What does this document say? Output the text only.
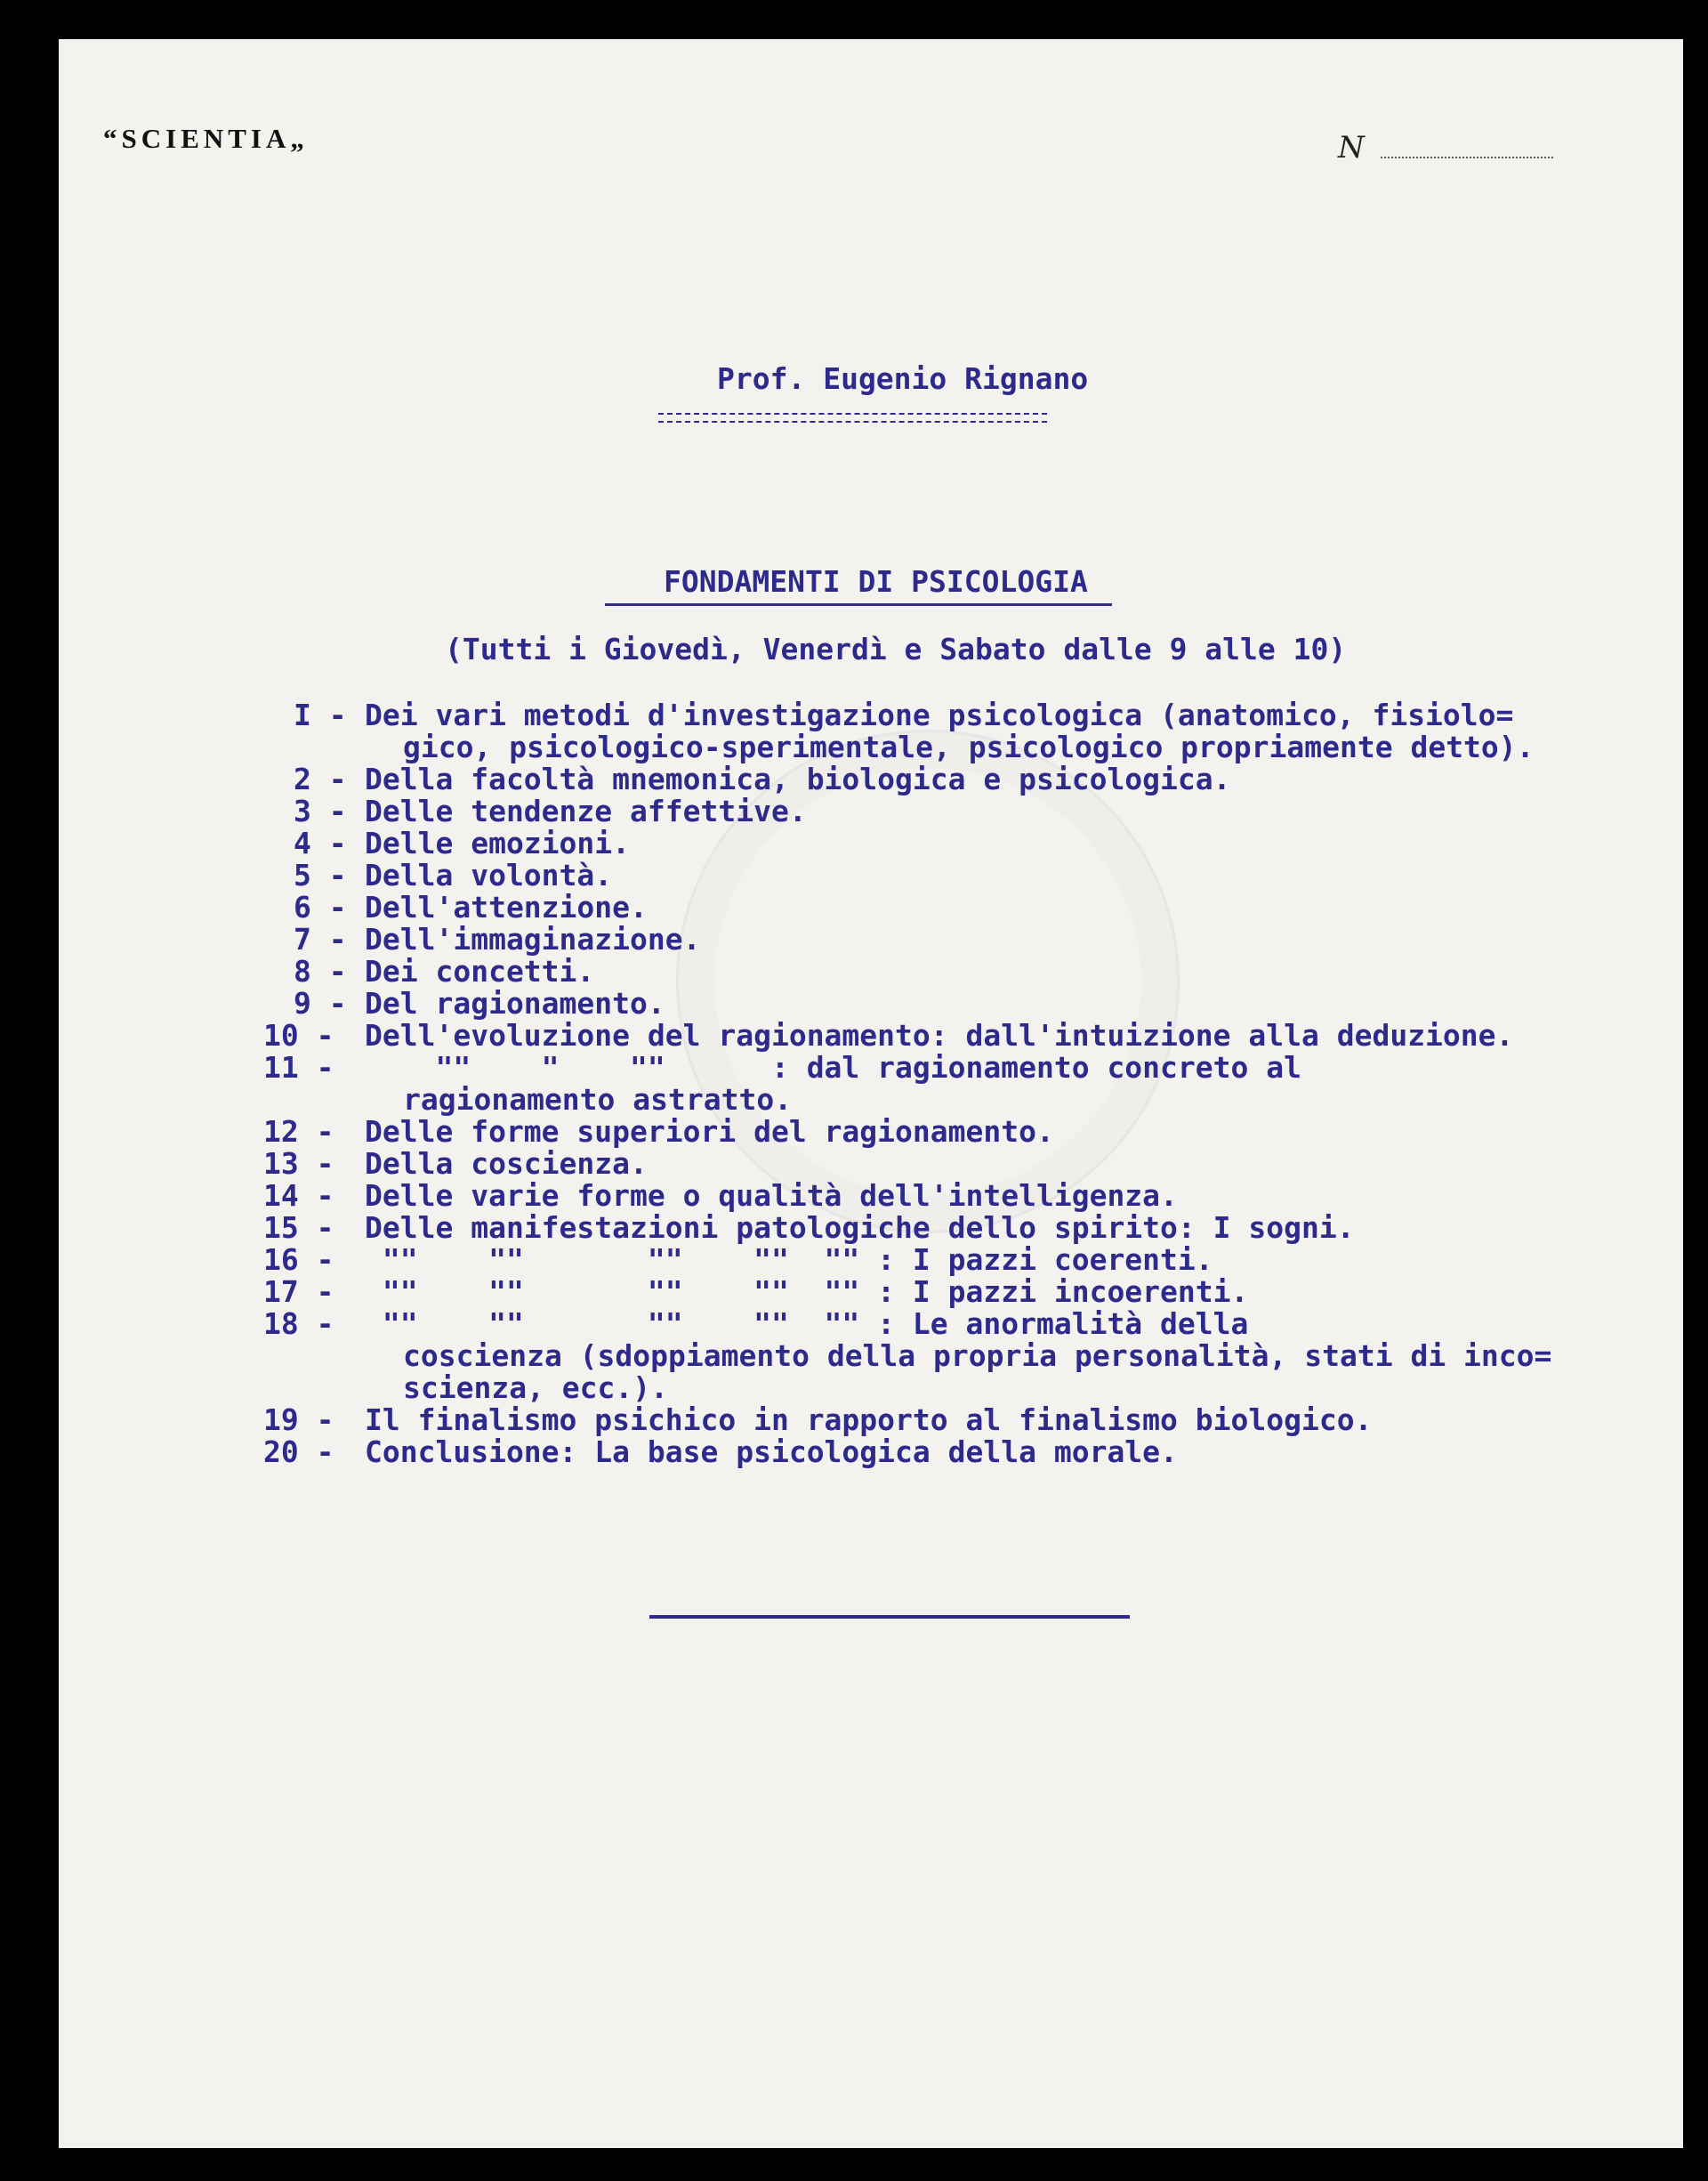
“SCIENTIA„	N
Prof. Eugenio Rignano
FONDAMENTI DI PSICOLOGIA
(Tutti i Giovedì, Venerdì e Sabato dalle 9 alle 10)
I - Dei vari metodi d'investigazione psicologica (anatomico, fisiolo=
gico, psicologico-sperimentale, psicologico propriamente detto).
2 - Della facoltà mnemonica, biologica e psicologica.
3 - Delle tendenze affettive.
4 - Delle emozioni.
5 - Della volontà.
6 - Dell'attenzione.
7 - Dell'immaginazione.
8 - Dei concetti.
9 - Del ragionamento.
10 - Dell'evoluzione del ragionamento: dall'intuizione alla deduzione.
11 - ""    "    ""      : dal ragionamento concreto al
ragionamento astratto.
12 - Delle forme superiori del ragionamento.
13 - Della coscienza.
14 - Delle varie forme o qualità dell'intelligenza.
15 - Delle manifestazioni patologiche dello spirito: I sogni.
16 - ""    ""       ""    ""  "" : I pazzi coerenti.
17 - ""    ""       ""    ""  "" : I pazzi incoerenti.
18 - ""    ""       ""    ""  "" : Le anormalità della
coscienza (sdoppiamento della propria personalità, stati di inco=
scienza, ecc.).
19 - Il finalismo psichico in rapporto al finalismo biologico.
20 - Conclusione: La base psicologica della morale.
